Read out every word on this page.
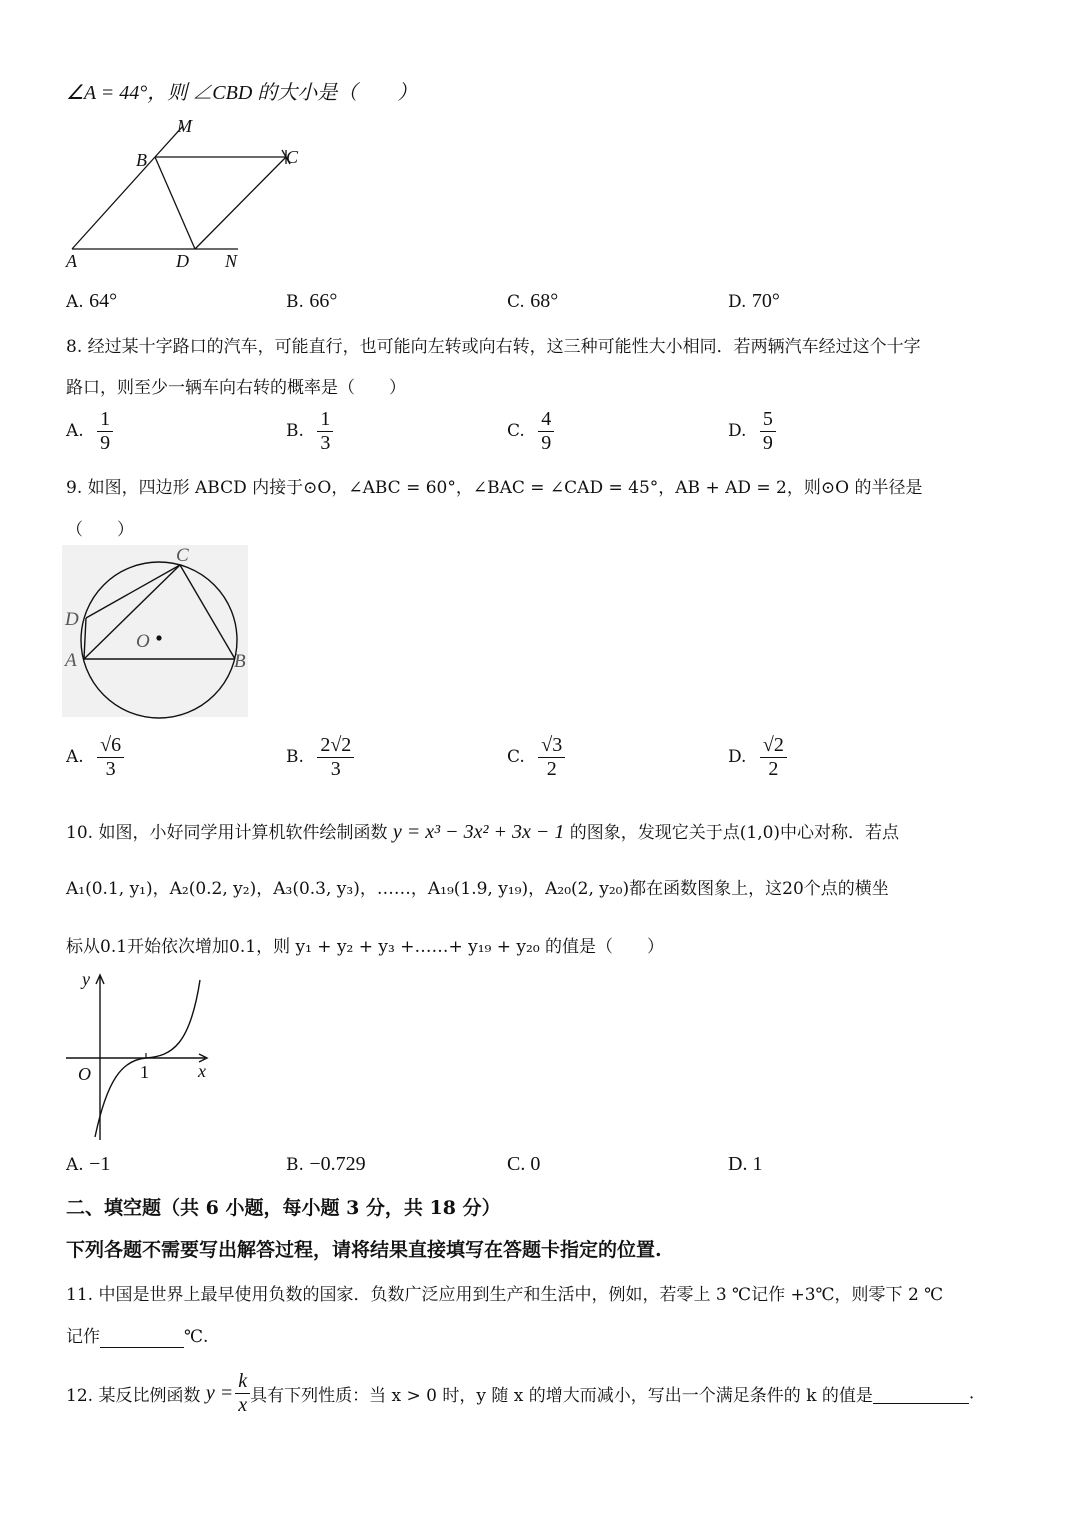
∠A = 44°，则 ∠CBD 的大小是（　　）
M
B	C
A	D N
A. 64°	B. 66°	C. 68°	D. 70°
8. 经过某十字路口的汽车，可能直行，也可能向左转或向右转，这三种可能性大小相同．若两辆汽车经过这个十字
路口，则至少一辆车向右转的概率是（　　）
A. $\frac{1}{9}$	B. $\frac{1}{3}$	C. $\frac{4}{9}$	D. $\frac{5}{9}$
9. 如图，四边形 ABCD 内接于⊙O，∠ABC = 60°，∠BAC = ∠CAD = 45°，AB + AD = 2，则⊙O 的半径是
（　　）
C
D
O
A	B
A. $\frac{√6}{3}$	B. $\frac{2√2}{3}$	C. $\frac{√3}{2}$	D. $\frac{√2}{2}$
10. 如图，小好同学用计算机软件绘制函数 y = x³ − 3x² + 3x − 1 的图象，发现它关于点(1,0)中心对称．若点
A₁(0.1, y₁)，A₂(0.2, y₂)，A₃(0.3, y₃)，……，A₁₉(1.9, y₁₉)，A₂₀(2, y₂₀)都在函数图象上，这20个点的横坐
标从0.1开始依次增加0.1，则 y₁ + y₂ + y₃ +……+ y₁₉ + y₂₀ 的值是（　　）
y
x
O	1
A. −1	B. −0.729	C. 0	D. 1
二、填空题（共 6 小题，每小题 3 分，共 18 分）
下列各题不需要写出解答过程，请将结果直接填写在答题卡指定的位置.
11. 中国是世界上最早使用负数的国家．负数广泛应用到生产和生活中，例如，若零上 3 ℃记作 +3℃，则零下 2 ℃
记作	℃.
12. 某反比例函数 $y = \frac{k}{x}$ 具有下列性质：当 x > 0 时，y 随 x 的增大而减小，写出一个满足条件的 k 的值是	.
